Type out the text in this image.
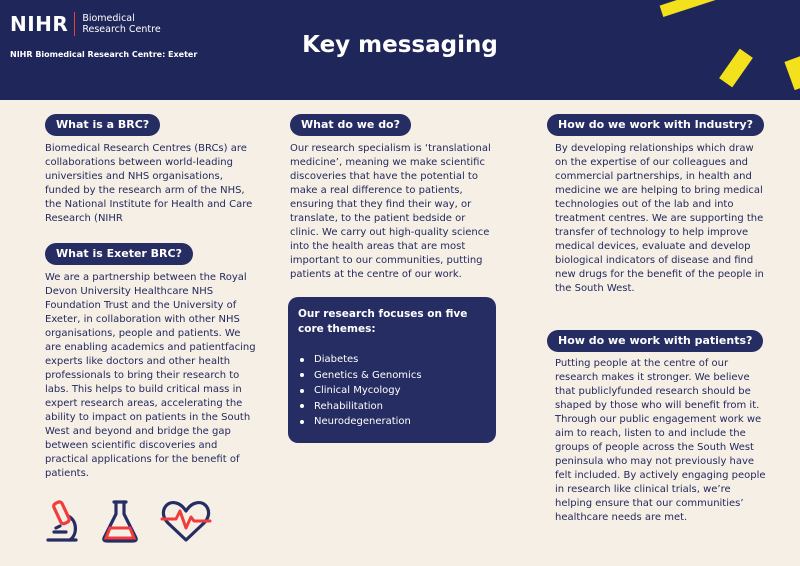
NIHR Biomedical
Research Centre
NIHR Biomedical Research Centre: Exeter	Key messaging
What is a BRC?
Biomedical Research Centres (BRCs) are collaborations between world-leading universities and NHS organisations, funded by the research arm of the NHS, the National Institute for Health and Care Research (NIHR
What is Exeter BRC?
We are a partnership between the Royal Devon University Healthcare NHS Foundation Trust and the University of Exeter, in collaboration with other NHS organisations, people and patients. We are enabling academics and patientfacing experts like doctors and other health professionals to bring their research to labs. This helps to build critical mass in expert research areas, accelerating the ability to impact on patients in the South West and beyond and bridge the gap between scientific discoveries and practical applications for the benefit of patients.
What do we do?
Our research specialism is ‘translational medicine’, meaning we make scientific discoveries that have the potential to make a real difference to patients, ensuring that they find their way, or translate, to the patient bedside or clinic. We carry out high-quality science into the health areas that are most important to our communities, putting patients at the centre of our work.
Our research focuses on five core themes:
Diabetes
Genetics & Genomics
Clinical Mycology
Rehabilitation
Neurodegeneration
How do we work with Industry?
By developing relationships which draw on the expertise of our colleagues and commercial partnerships, in health and medicine we are helping to bring medical technologies out of the lab and into treatment centres. We are supporting the transfer of technology to help improve medical devices, evaluate and develop biological indicators of disease and find new drugs for the benefit of the people in the South West.
How do we work with patients?
Putting people at the centre of our research makes it stronger. We believe that publiclyfunded research should be shaped by those who will benefit from it. Through our public engagement work we aim to reach, listen to and include the groups of people across the South West peninsula who may not previously have felt included. By actively engaging people in research like clinical trials, we’re helping ensure that our communities’ healthcare needs are met.
